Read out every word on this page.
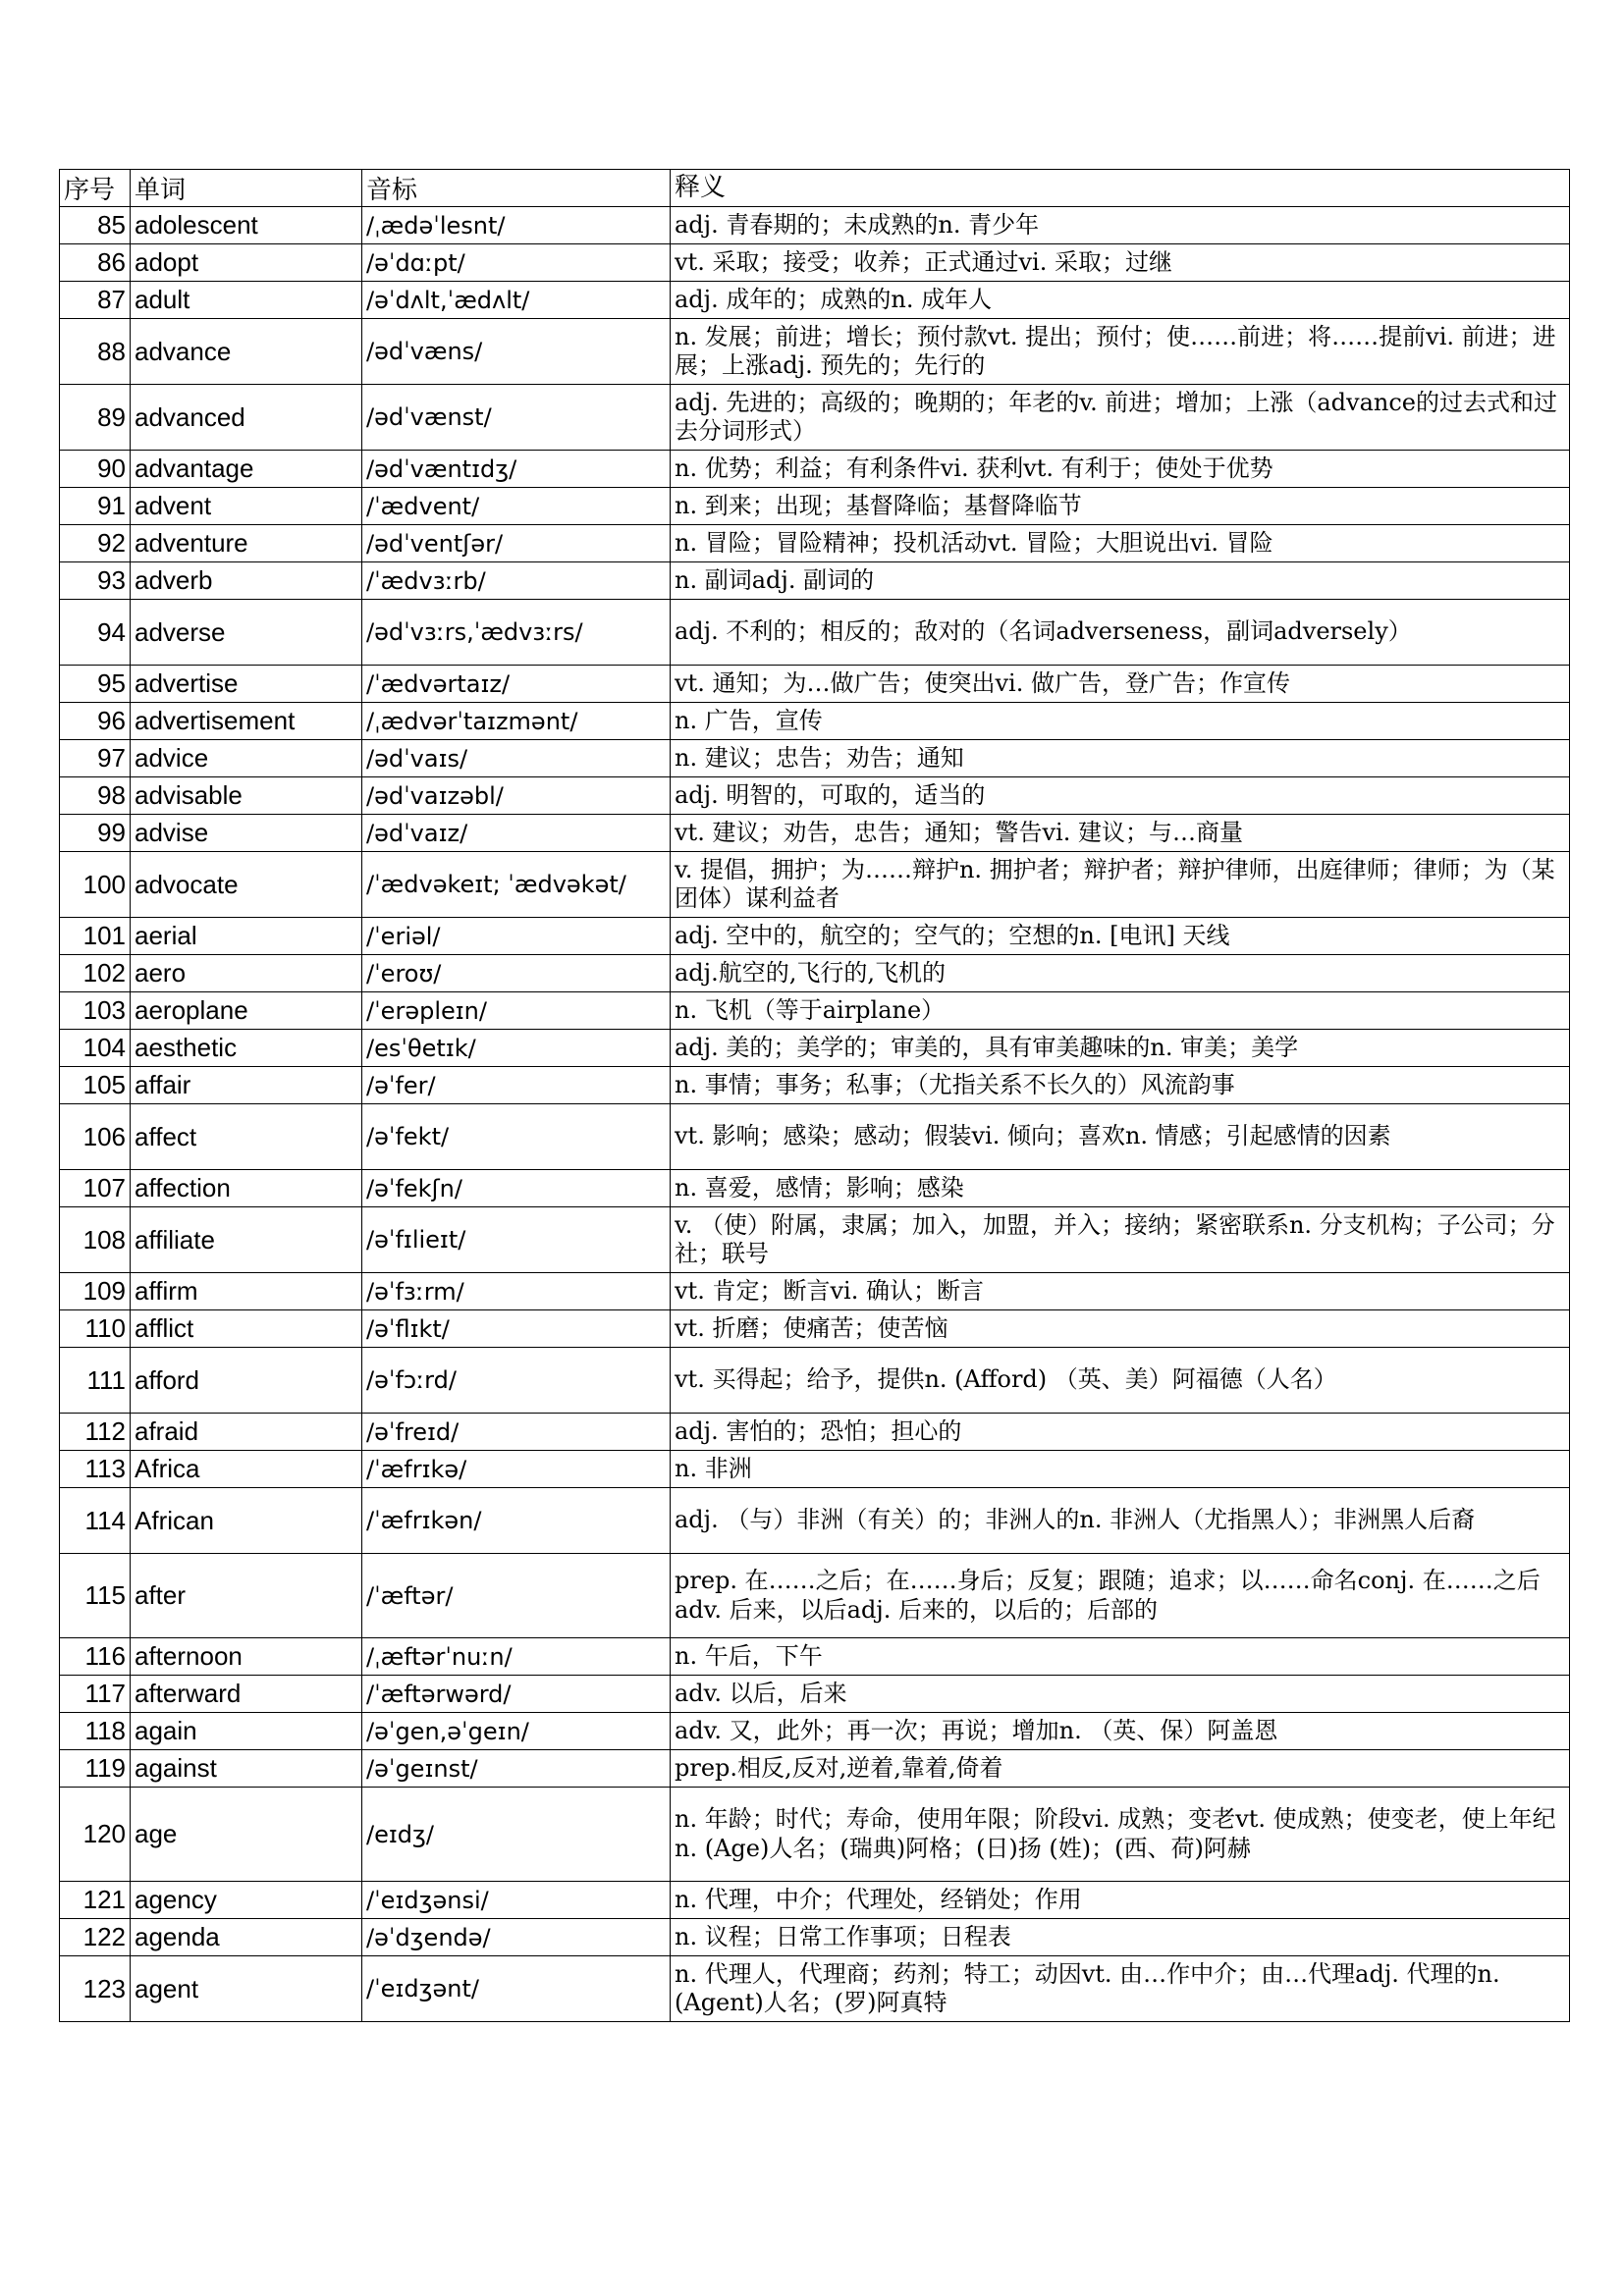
序号	单词	音标	释义
85	adolescent	/ˌædəˈlesnt/	adj. 青春期的；未成熟的n. 青少年
86	adopt	/əˈdɑːpt/	vt. 采取；接受；收养；正式通过vi. 采取；过继
87	adult	/əˈdʌlt,ˈædʌlt/	adj. 成年的；成熟的n. 成年人
88	advance	/ədˈvæns/	n. 发展；前进；增长；预付款vt. 提出；预付；使……前进；将……提前vi. 前进；进展；上涨adj. 预先的；先行的
89	advanced	/ədˈvænst/	adj. 先进的；高级的；晚期的；年老的v. 前进；增加；上涨（advance的过去式和过去分词形式）
90	advantage	/ədˈvæntɪdʒ/	n. 优势；利益；有利条件vi. 获利vt. 有利于；使处于优势
91	advent	/ˈædvent/	n. 到来；出现；基督降临；基督降临节
92	adventure	/ədˈventʃər/	n. 冒险；冒险精神；投机活动vt. 冒险；大胆说出vi. 冒险
93	adverb	/ˈædvɜːrb/	n. 副词adj. 副词的
94	adverse	/ədˈvɜːrs,ˈædvɜːrs/	adj. 不利的；相反的；敌对的（名词adverseness，副词adversely）
95	advertise	/ˈædvərtaɪz/	vt. 通知；为…做广告；使突出vi. 做广告，登广告；作宣传
96	advertisement	/ˌædvərˈtaɪzmənt/	n. 广告，宣传
97	advice	/ədˈvaɪs/	n. 建议；忠告；劝告；通知
98	advisable	/ədˈvaɪzəbl/	adj. 明智的，可取的，适当的
99	advise	/ədˈvaɪz/	vt. 建议；劝告，忠告；通知；警告vi. 建议；与…商量
100	advocate	/ˈædvəkeɪt; ˈædvəkət/	v. 提倡，拥护；为……辩护n. 拥护者；辩护者；辩护律师，出庭律师；律师；为（某团体）谋利益者
101	aerial	/ˈeriəl/	adj. 空中的，航空的；空气的；空想的n. [电讯] 天线
102	aero	/ˈeroʊ/	adj.航空的,飞行的,飞机的
103	aeroplane	/ˈerəpleɪn/	n. 飞机（等于airplane）
104	aesthetic	/esˈθetɪk/	adj. 美的；美学的；审美的，具有审美趣味的n. 审美；美学
105	affair	/əˈfer/	n. 事情；事务；私事；（尤指关系不长久的）风流韵事
106	affect	/əˈfekt/	vt. 影响；感染；感动；假装vi. 倾向；喜欢n. 情感；引起感情的因素
107	affection	/əˈfekʃn/	n. 喜爱，感情；影响；感染
108	affiliate	/əˈfɪlieɪt/	v. （使）附属，隶属；加入，加盟，并入；接纳；紧密联系n. 分支机构；子公司；分社；联号
109	affirm	/əˈfɜːrm/	vt. 肯定；断言vi. 确认；断言
110	afflict	/əˈflɪkt/	vt. 折磨；使痛苦；使苦恼
111	afford	/əˈfɔːrd/	vt. 买得起；给予，提供n. (Afford) （英、美）阿福德（人名）
112	afraid	/əˈfreɪd/	adj. 害怕的；恐怕；担心的
113	Africa	/ˈæfrɪkə/	n. 非洲
114	African	/ˈæfrɪkən/	adj. （与）非洲（有关）的；非洲人的n. 非洲人（尤指黑人）；非洲黑人后裔
115	after	/ˈæftər/	prep. 在……之后；在……身后；反复；跟随；追求；以……命名conj. 在……之后adv. 后来，以后adj. 后来的，以后的；后部的
116	afternoon	/ˌæftərˈnuːn/	n. 午后，下午
117	afterward	/ˈæftərwərd/	adv. 以后，后来
118	again	/əˈgen,əˈgeɪn/	adv. 又，此外；再一次；再说；增加n. （英、保）阿盖恩
119	against	/əˈgeɪnst/	prep.相反,反对,逆着,靠着,倚着
120	age	/eɪdʒ/	n. 年龄；时代；寿命，使用年限；阶段vi. 成熟；变老vt. 使成熟；使变老，使上年纪n. (Age)人名；(瑞典)阿格；(日)扬 (姓)；(西、荷)阿赫
121	agency	/ˈeɪdʒənsi/	n. 代理，中介；代理处，经销处；作用
122	agenda	/əˈdʒendə/	n. 议程；日常工作事项；日程表
123	agent	/ˈeɪdʒənt/	n. 代理人，代理商；药剂；特工；动因vt. 由…作中介；由…代理adj. 代理的n. (Agent)人名；(罗)阿真特
